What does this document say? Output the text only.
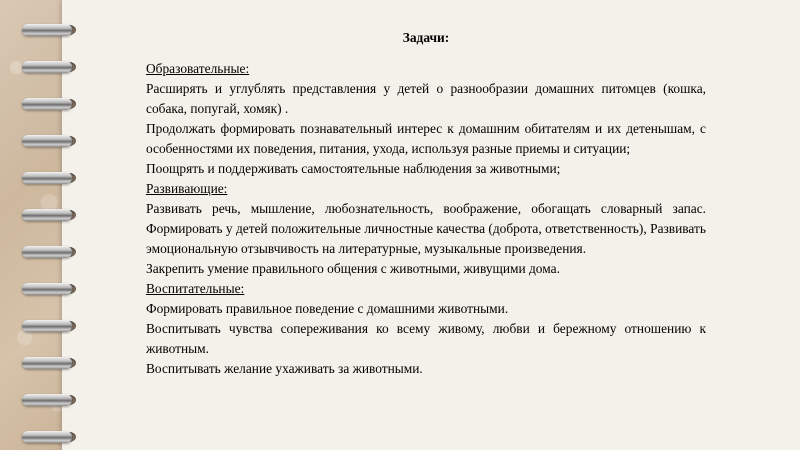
Задачи:
Образовательные:
Расширять и углублять представления у детей о разнообразии домашних питомцев (кошка, собака, попугай, хомяк) .
Продолжать формировать познавательный интерес к домашним обитателям и их детенышам, с особенностями их поведения, питания, ухода, используя разные приемы и ситуации;
Поощрять и поддерживать самостоятельные наблюдения за животными;
Развивающие:
Развивать речь, мышление, любознательность, воображение, обогащать словарный запас. Формировать у детей положительные личностные качества (доброта, ответственность), Развивать эмоциональную отзывчивость на литературные, музыкальные произведения.
Закрепить умение правильного общения с животными, живущими дома.
Воспитательные:
Формировать правильное поведение с домашними животными.
Воспитывать чувства сопереживания ко всему живому, любви и бережному отношению к животным.
Воспитывать желание ухаживать за животными.
